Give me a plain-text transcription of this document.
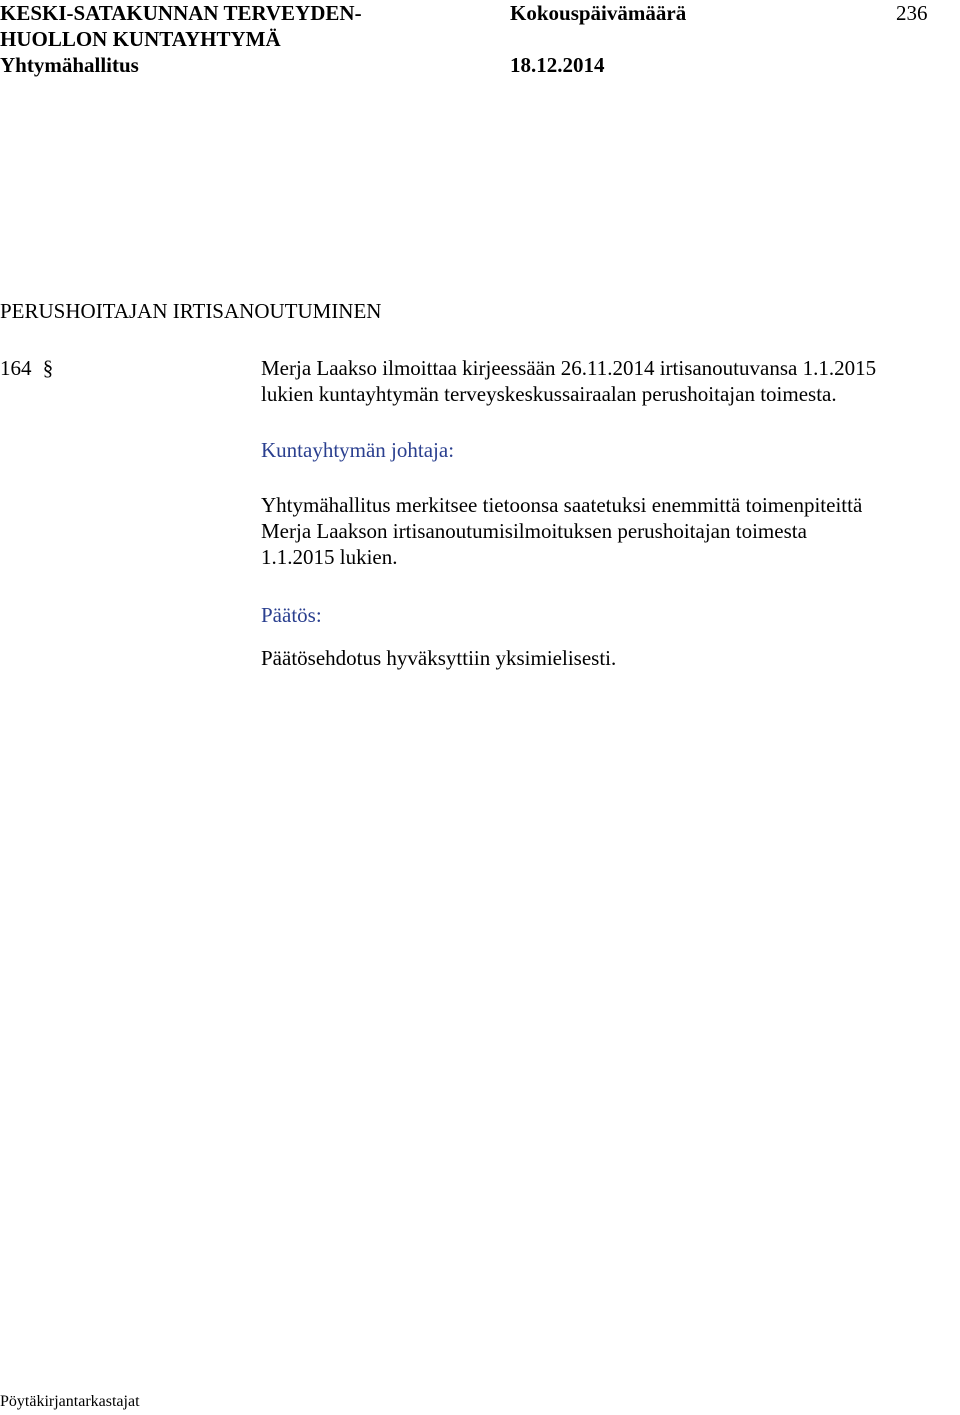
KESKI-SATAKUNNAN TERVEYDEN-
HUOLLON KUNTAYHTYMÄ
Yhtymähallitus
Kokouspäivämäärä
18.12.2014
236
PERUSHOITAJAN IRTISANOUTUMINEN
164 §	Merja Laakso ilmoittaa kirjeessään 26.11.2014 irtisanoutuvansa 1.1.2015
lukien kuntayhtymän terveyskeskussairaalan perushoitajan toimesta.
Kuntayhtymän johtaja:
Yhtymähallitus merkitsee tietoonsa saatetuksi enemmittä toimenpiteittä
Merja Laakson irtisanoutumisilmoituksen perushoitajan toimesta
1.1.2015 lukien.
Päätös:
Päätösehdotus hyväksyttiin yksimielisesti.
Pöytäkirjantarkastajat
